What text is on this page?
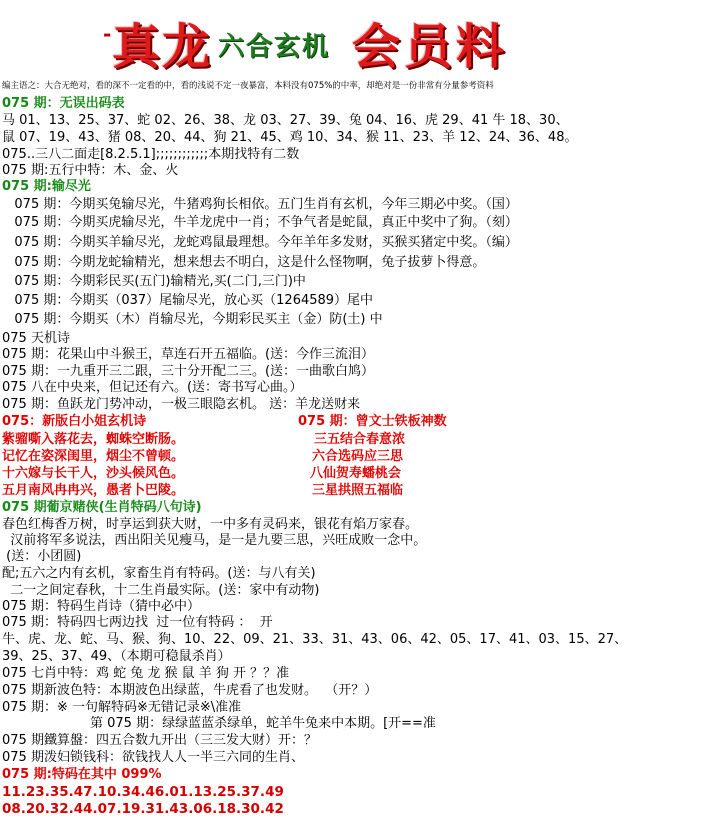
- 真 龙 六合玄机 会 员 料
编主语之：大合无绝对，看的深不一定看的中，看的浅说不定一夜暴富，本料没有075%的中率，却绝对是一份非常有分量参考资料
075 期：无误出码表
马 01、13、25、37、蛇 02、26、38、龙 03、27、39、兔 04、16、虎 29、41 牛 18、30、
鼠 07、19、43、猪 08、20、44、狗 21、45、鸡 10、34、猴 11、23、羊 12、24、36、48。
075..三八二面走[8.2.5.1];;;;;;;;;;;;本期找特有二数
075 期:五行中特：木、金、火
075 期:输尽光
075 期：今期买兔输尽光，牛猪鸡狗长相依。五门生肖有玄机，今年三期必中奖。（国）
075 期：今期买虎输尽光，牛羊龙虎中一肖；不争气者是蛇鼠，真正中奖中了狗。（刻）
075 期：今期买羊输尽光，龙蛇鸡鼠最理想。今年羊年多发财，买猴买猪定中奖。（编）
075 期：今期龙蛇输精光，想来想去不明白，这是什么怪物啊，兔子拔萝卜得意。
075 期：今期彩民买(五门)输精光,买(二门,三门)中
075 期：今期买（037）尾输尽光，放心买（1264589）尾中
075 期：今期买（木）肖输尽光，今期彩民买主（金）防(土) 中
075 天机诗
075 期：花果山中斗猴王，草连石开五福临。(送：今作三流泪）
075 期：一九重开三二跟，三十分开配二三。(送：一曲歌白鸠）
075 八在中央来，但记还有六。(送：寄书写心曲。）
075 期：鱼跃龙门势冲动，一极三眼隐玄机。 送：羊龙送财来
075：新版白小姐玄机诗	075 期：曾文士铁板神数
紫骝嘶入落花去，蜘蛛空断肠。	三五结合春意浓
记忆在姿深闺里，烟尘不曾顿。	六合选码应三思
十六嫁与长干人，沙头候风色。	八仙贺寿蟠桃会
五月南风冉冉兴，愚者卜巴陵。	三星拱照五福临
075 期葡京赌侠(生肖特码八句诗)
春色红梅香万树，时享运到获大财，一中多有灵码来，银花有焰万家春。
汉前将军多说法，西出阳关见瘦马，是一是九要三思，兴旺成败一念中。
(送：小团圆)
配;五六之内有玄机，家畜生肖有特码。(送：与八有关)
二一之间定春秋，十二生肖最实际。(送：家中有动物)
075 期：特码生肖诗（猜中必中）
075 期：特码四七两边找  过一位有特码 ：  开
牛、虎、龙、蛇、马、猴、狗、10、22、09、21、33、31、43、06、42、05、17、41、03、15、27、
39、25、37、49、（本期可稳鼠杀肖）
075 七肖中特：鸡 蛇 兔 龙 猴 鼠 羊 狗 开 ？？准
075 期新波色特：本期波色出绿蓝，牛虎看了也发财。  （开？）
075 期：※ 一句解特码※无错记录※\准准
第 075 期：绿绿蓝蓝杀绿单，蛇羊牛兔来中本期。[开==准
075 期鐵算盤：四五合数九开出（三三发大财）开：？
075 期泼妇锁钱科：欲钱找人人一半三六同的生肖、
075 期:特码在其中 099%
11.23.35.47.10.34.46.01.13.25.37.49
08.20.32.44.07.19.31.43.06.18.30.42
